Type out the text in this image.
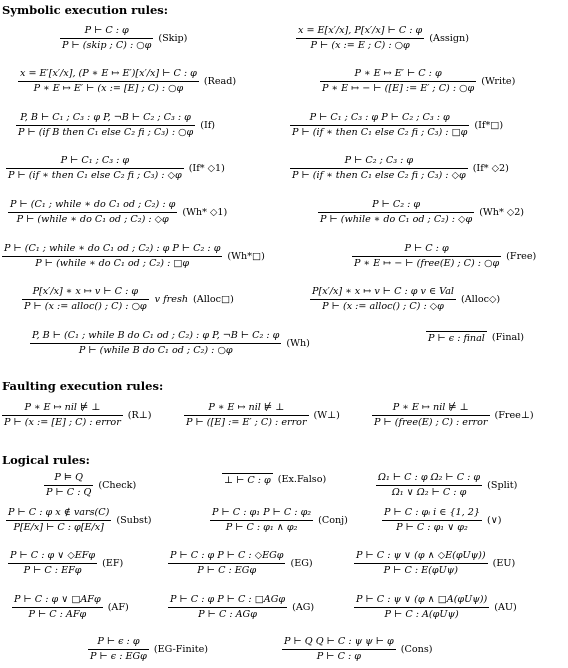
Symbolic execution rules:
Faulting execution rules:
Logical rules:
$\frac{P ⊢ C : \varphi}{\text{P ⊢ (skip ; C) : ○φ}}$ (Skip)	$\frac{x = E[x'/x], P[x'/x] ⊢ C : \varphi}{P ⊢ (x := E ; C) : ○\varphi}$ (Assign)
$\frac{x = E'[x'/x], (P ∗ E ↦ E')[x'/x] ⊢ C : \varphi}{P ∗ E ↦ E' ⊢ (x := [E] ; C) : ○\varphi}$ (Read)	$\frac{P ∗ E ↦ E' ⊢ C : \varphi}{P ∗ E ↦ - ⊢ ([E] := E' ; C) : ○\varphi}$ (Write)
$\frac{\text{P, B ⊢ C₁ ; C₃ : φ P, ¬B ⊢ C₂ ; C₃ : φ}}{\text{P ⊢ (if B then C₁ else C₂ fi ; C₃) : ○φ}} (If)$	$\frac{\text{P ⊢ C₁ ; C₃ : φ P ⊢ C₂ ; C₃ : φ}}{\text{P ⊢ (if ∗ then C₁ else C₂ fi ; C₃) : □φ}}$ (If*□)
$\frac{\text{P ⊢ C₁ ; C₃ : φ}}{\text{P ⊢ (if ∗ then C₁ else C₂ fi ; C₃) : ◇φ}} (If*$ ◇1)	$\frac{\text{P ⊢ C₂ ; C₃ : φ}}{\text{P ⊢ (if ∗ then C₁ else C₂ fi ; C₃) : ◇φ}} (If*$ ◇2)
$\frac{\text{P ⊢ (C₁ ; while ∗ do C₁ od ; C₂) : φ}}{\text{P ⊢ (while ∗ do C₁ od ; C₂) : ◇φ}} (Wh*$ ◇1)	$\frac{\text{P ⊢ C₂ : φ}}{\text{P ⊢ (while ∗ do C₁ od ; C₂) : ◇φ}} (Wh*$ ◇2)
$\frac{\text{P ⊢ (C₁ ; while ∗ do C₁ od ; C₂) : φ P ⊢ C₂ : φ}}{\text{P ⊢ (while ∗ do C₁ od ; C₂) : □φ}}$ (Wh*□)	$\frac{P ⊢ C : \varphi}{\text{P ∗ E ↦ − ⊢ (free(E) ; C) : ○φ}}$ (Free)
$\frac{P[x'/x] ∗ x ↦ v ⊢ C : \varphi}{\text{P ⊢ (x := alloc() ; C) : ○φ}}$ v fresh (Alloc□)	$\frac{\text{P[x′/x] ∗ x ↦ v ⊢ C : φ v ∈ Val}}{\text{P ⊢ (x := alloc() ; C) : ◇φ}}$ (Alloc◇)
$\frac{\text{P, B ⊢ (C₁ ; while B do C₁ od ; C₂) : φ P, ¬B ⊢ C₂ : φ}}{\text{P ⊢ (while B do C₁ od ; C₂) : ○φ}} (Wh)$	P ⊢ ϵ : final (Final)
$\frac{\text{P ∗ E ↦ nil ⊭ ⊥}}{\text{P ⊢ (x := [E] ; C) : error}}$ (R⊥)	$\frac{\text{P ∗ E ↦ nil ⊭ ⊥}}{\text{P ⊢ ([E] := E′ ; C) : error}}$ (W⊥)	$\frac{\text{P ∗ E ↦ nil ⊭ ⊥}}{\text{P ⊢ (free(E) ; C) : error}}$ (Free⊥)
$\frac{P ⊨ Q}{P ⊢ C : Q}$ (Check)	⊥ ⊢ C : φ (Ex.Falso)	$\frac{\text{Ω₁ ⊢ C : φ Ω₂ ⊢ C : φ}}{\text{Ω₁ ∨ Ω₂ ⊢ C : φ}}$ (Split)
$\frac{\text{P ⊢ C : φ x ∉ vars(C)}}{P[E/x] ⊢ C : \varphi[E/x]}$ (Subst)	$\frac{\text{P ⊢ C : φ₁ P ⊢ C : φ₂}}{\text{P ⊢ C : φ₁ ∧ φ₂}}$ (Conj)	$\frac{\text{P ⊢ C : φᵢ i ∈ \{1, 2\}}}{\text{P ⊢ C : φ₁ ∨ φ₂}}$ (∨)
$\frac{\text{P ⊢ C : φ ∨ ◇EFφ}}{\text{P ⊢ C : EFφ}} (EF)$	$\frac{\text{P ⊢ C : φ P ⊢ C : ◇EGφ}}{\text{P ⊢ C : EGφ}} (EG)$	$\frac{\text{P ⊢ C : ψ ∨ (φ ∧ ◇E(φUψ))}}{\text{P ⊢ C : E(φUψ)}} (EU)$
$\frac{\text{P ⊢ C : φ ∨ □AFφ}}{\text{P ⊢ C : AFφ}} (AF)$	$\frac{\text{P ⊢ C : φ P ⊢ C : □AGφ}}{\text{P ⊢ C : AGφ}} (AG)$	$\frac{\text{P ⊢ C : ψ ∨ (φ ∧ □A(φUψ))}}{\text{P ⊢ C : A(φUψ)}} (AU)$
$\frac{P ⊢ \epsilon : \varphi}{\text{P ⊢ ϵ : EGφ}}$ (EG-Finite)	$\frac{\text{P ⊢ Q Q ⊢ C : ψ ψ ⊢ φ}}{P ⊢ C : \varphi}$ (Cons)
